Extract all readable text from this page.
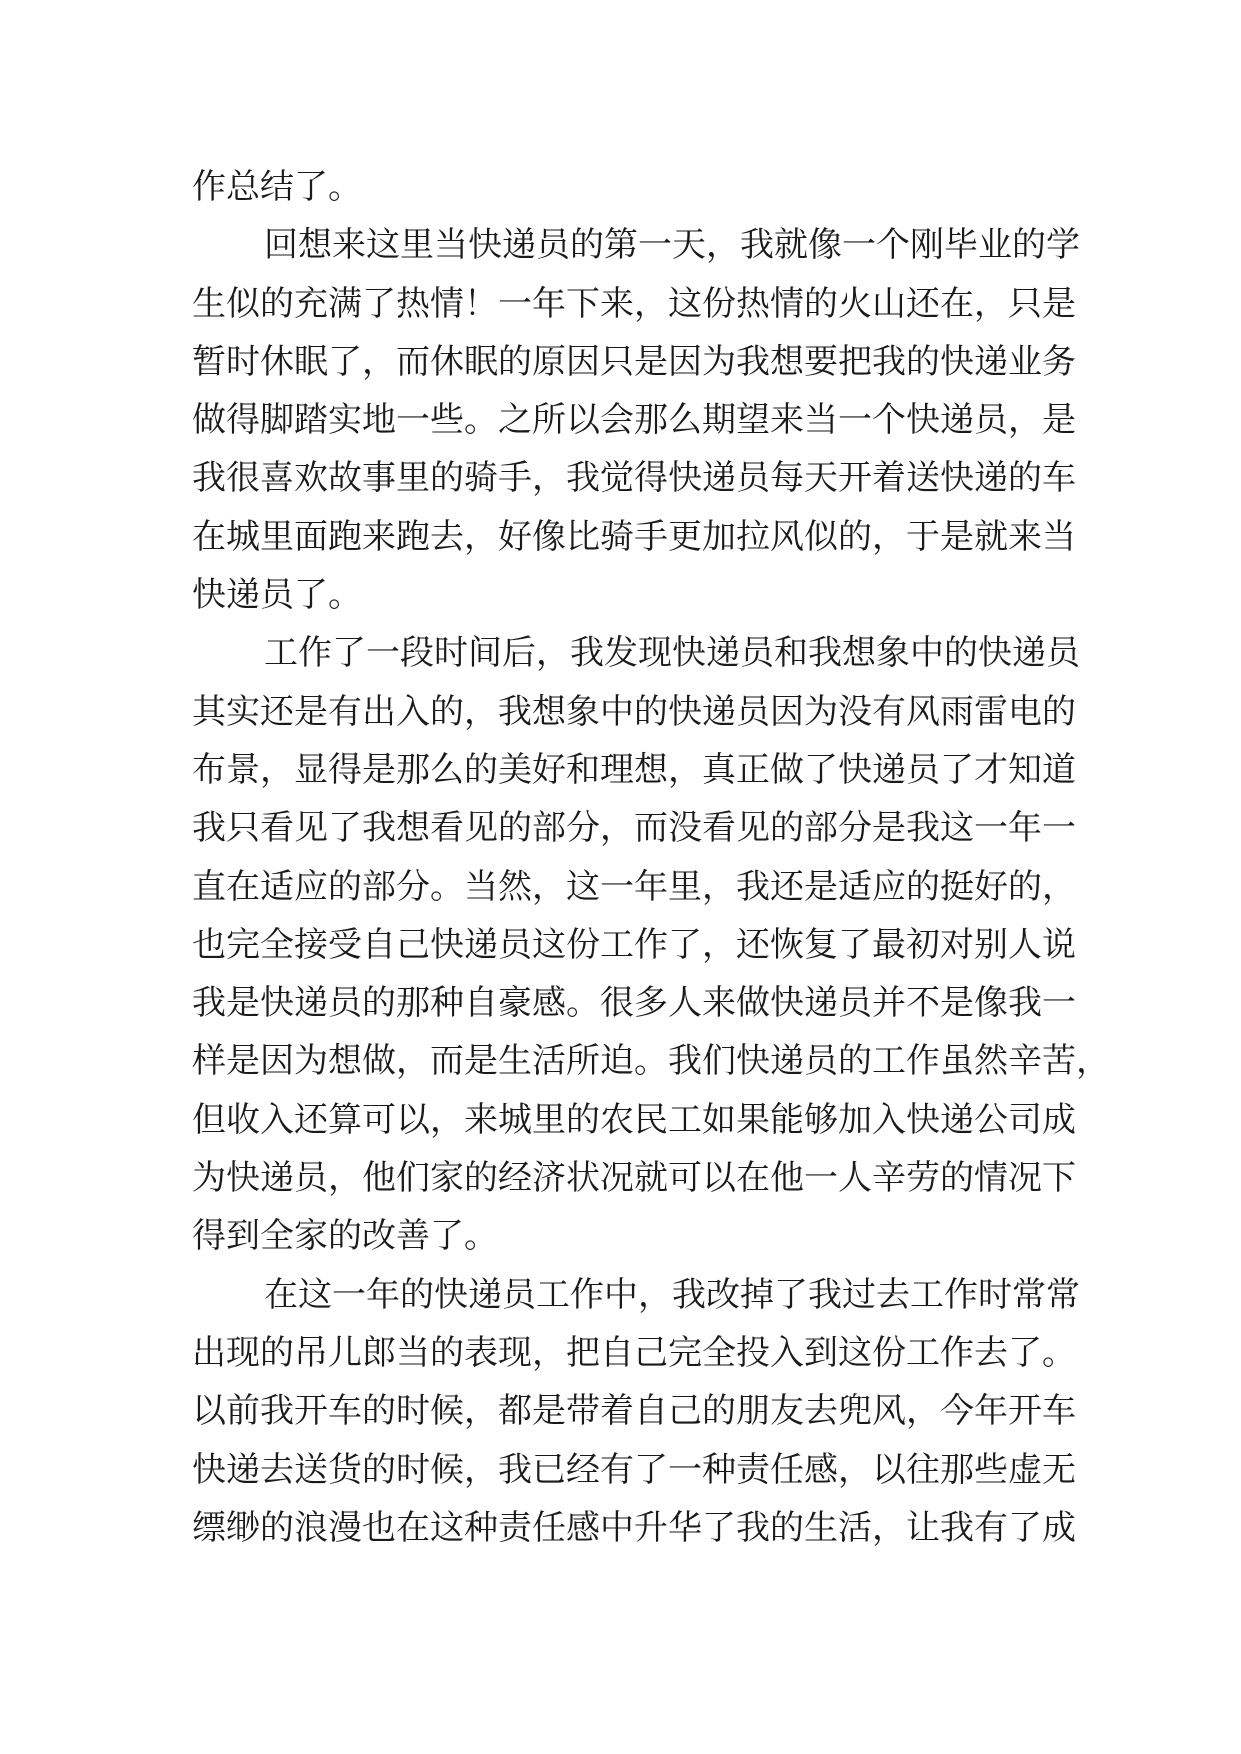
作总结了。
回想来这里当快递员的第一天，我就像一个刚毕业的学
生似的充满了热情！一年下来，这份热情的火山还在，只是
暂时休眠了，而休眠的原因只是因为我想要把我的快递业务
做得脚踏实地一些。之所以会那么期望来当一个快递员，是
我很喜欢故事里的骑手，我觉得快递员每天开着送快递的车
在城里面跑来跑去，好像比骑手更加拉风似的，于是就来当
快递员了。
工作了一段时间后，我发现快递员和我想象中的快递员
其实还是有出入的，我想象中的快递员因为没有风雨雷电的
布景，显得是那么的美好和理想，真正做了快递员了才知道
我只看见了我想看见的部分，而没看见的部分是我这一年一
直在适应的部分。当然，这一年里，我还是适应的挺好的，
也完全接受自己快递员这份工作了，还恢复了最初对别人说
我是快递员的那种自豪感。很多人来做快递员并不是像我一
样是因为想做，而是生活所迫。我们快递员的工作虽然辛苦，
但收入还算可以，来城里的农民工如果能够加入快递公司成
为快递员，他们家的经济状况就可以在他一人辛劳的情况下
得到全家的改善了。
在这一年的快递员工作中，我改掉了我过去工作时常常
出现的吊儿郎当的表现，把自己完全投入到这份工作去了。
以前我开车的时候，都是带着自己的朋友去兜风，今年开车
快递去送货的时候，我已经有了一种责任感，以往那些虚无
缥缈的浪漫也在这种责任感中升华了我的生活，让我有了成
